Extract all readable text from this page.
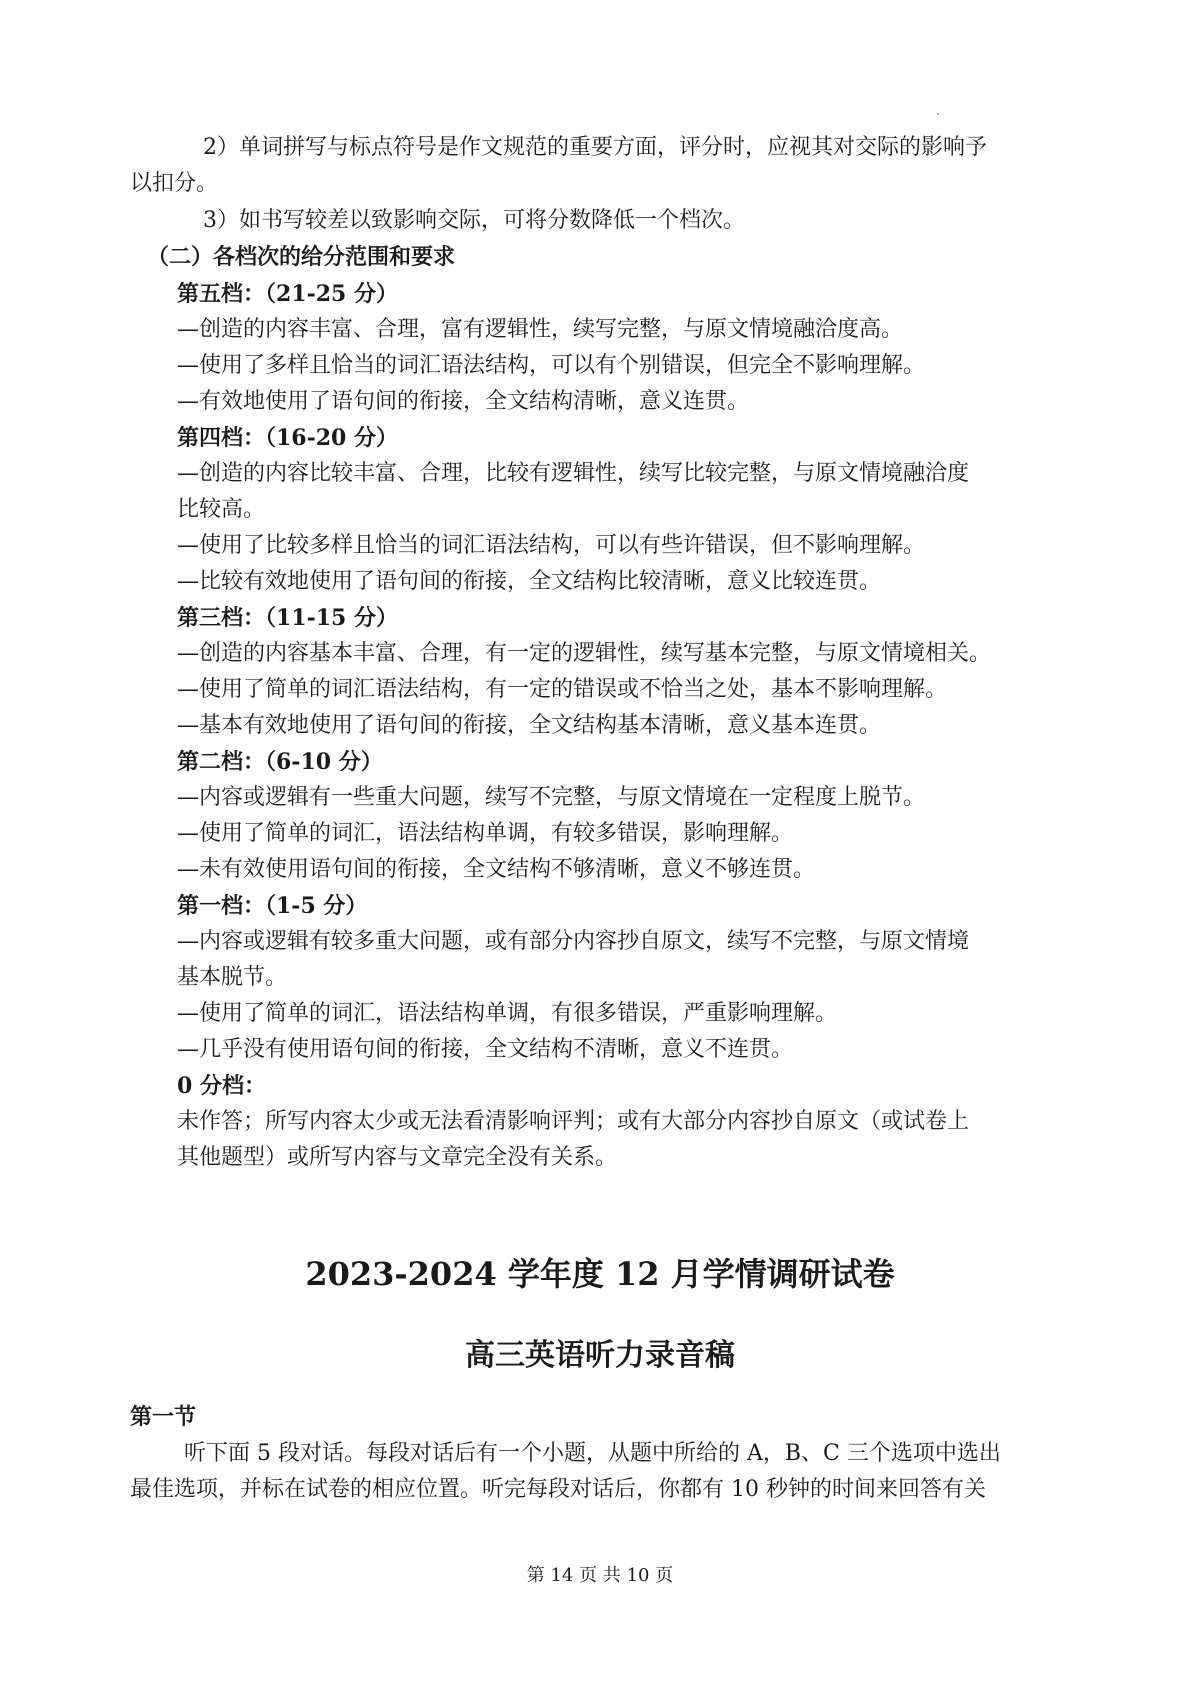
2）单词拼写与标点符号是作文规范的重要方面，评分时，应视其对交际的影响予
以扣分。
3）如书写较差以致影响交际，可将分数降低一个档次。
（二）各档次的给分范围和要求
第五档：（21-25 分）
—创造的内容丰富、合理，富有逻辑性，续写完整，与原文情境融洽度高。
—使用了多样且恰当的词汇语法结构，可以有个别错误，但完全不影响理解。
—有效地使用了语句间的衔接，全文结构清晰，意义连贯。
第四档：（16-20 分）
—创造的内容比较丰富、合理，比较有逻辑性，续写比较完整，与原文情境融洽度
比较高。
—使用了比较多样且恰当的词汇语法结构，可以有些许错误，但不影响理解。
—比较有效地使用了语句间的衔接，全文结构比较清晰，意义比较连贯。
第三档：（11-15 分）
—创造的内容基本丰富、合理，有一定的逻辑性，续写基本完整，与原文情境相关。
—使用了简单的词汇语法结构，有一定的错误或不恰当之处，基本不影响理解。
—基本有效地使用了语句间的衔接，全文结构基本清晰，意义基本连贯。
第二档：（6-10 分）
—内容或逻辑有一些重大问题，续写不完整，与原文情境在一定程度上脱节。
—使用了简单的词汇，语法结构单调，有较多错误，影响理解。
—未有效使用语句间的衔接，全文结构不够清晰，意义不够连贯。
第一档：（1-5 分）
—内容或逻辑有较多重大问题，或有部分内容抄自原文，续写不完整，与原文情境
基本脱节。
—使用了简单的词汇，语法结构单调，有很多错误，严重影响理解。
—几乎没有使用语句间的衔接，全文结构不清晰，意义不连贯。
0 分档：
未作答；所写内容太少或无法看清影响评判；或有大部分内容抄自原文（或试卷上
其他题型）或所写内容与文章完全没有关系。
2023-2024 学年度 12 月学情调研试卷
高三英语听力录音稿
第一节
听下面 5 段对话。每段对话后有一个小题，从题中所给的 A，B、C 三个选项中选出
最佳选项，并标在试卷的相应位置。听完每段对话后，你都有 10 秒钟的时间来回答有关
第 14 页 共 10 页
